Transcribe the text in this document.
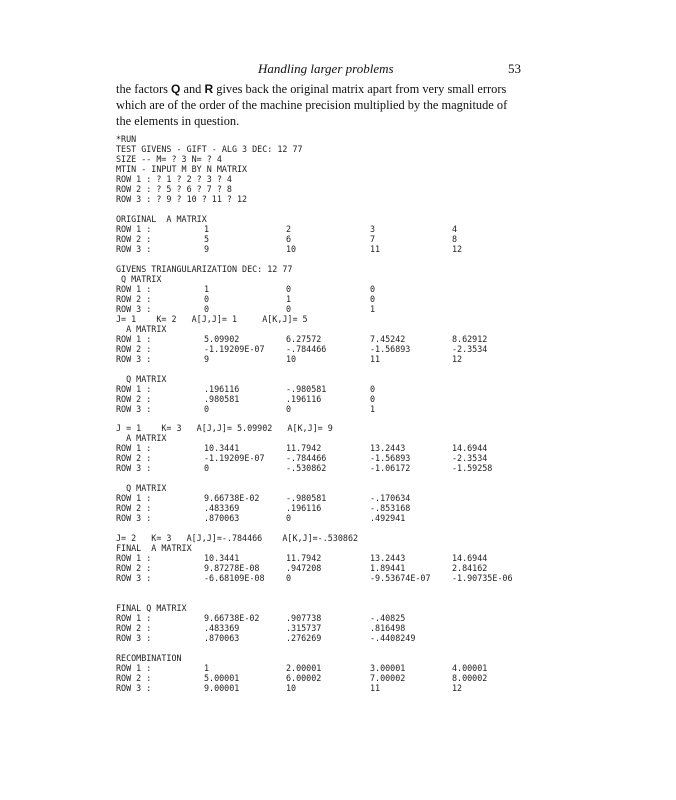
Handling larger problems	53
the factors Q and R gives back the original matrix apart from very small errors
which are of the order of the machine precision multiplied by the magnitude of
the elements in question.
*RUN
TEST GIVENS - GIFT - ALG 3 DEC: 12 77
SIZE -- M= ? 3 N= ? 4
MTIN - INPUT M BY N MATRIX
ROW 1 : ? 1 ? 2 ? 3 ? 4
ROW 2 : ? 5 ? 6 ? 7 ? 8
ROW 3 : ? 9 ? 10 ? 11 ? 12
ORIGINAL  A MATRIX
ROW 1 :	1	2	3	4
ROW 2 :	5	6	7	8
ROW 3 :	9	10	11	12
GIVENS TRIANGULARIZATION DEC: 12 77
Q MATRIX
ROW 1 :	1	0	0
ROW 2 :	0	1	0
ROW 3 :	0	0	1
J= 1    K= 2   A[J,J]= 1     A[K,J]= 5
A MATRIX
ROW 1 :	5.09902	6.27572	7.45242	8.62912
ROW 2 :	-1.19209E-07	-.784466	-1.56893	-2.3534
ROW 3 :	9	10	11	12
Q MATRIX
ROW 1 :	.196116	-.980581	0
ROW 2 :	.980581	.196116	0
ROW 3 :	0	0	1
J = 1    K= 3   A[J,J]= 5.09902   A[K,J]= 9
A MATRIX
ROW 1 :	10.3441	11.7942	13.2443	14.6944
ROW 2 :	-1.19209E-07	-.784466	-1.56893	-2.3534
ROW 3 :	0	-.530862	-1.06172	-1.59258
Q MATRIX
ROW 1 :	9.66738E-02	-.980581	-.170634
ROW 2 :	.483369	.196116	-.853168
ROW 3 :	.870063	0	.492941
J= 2   K= 3   A[J,J]=-.784466    A[K,J]=-.530862
FINAL  A MATRIX
ROW 1 :	10.3441	11.7942	13.2443	14.6944
ROW 2 :	9.87278E-08	.947208	1.89441	2.84162
ROW 3 :	-6.68109E-08	0	-9.53674E-07	-1.90735E-06
FINAL Q MATRIX
ROW 1 :	9.66738E-02	.907738	-.40825
ROW 2 :	.483369	.315737	.816498
ROW 3 :	.870063	.276269	-.4408249
RECOMBINATION
ROW 1 :	1	2.00001	3.00001	4.00001
ROW 2 :	5.00001	6.00002	7.00002	8.00002
ROW 3 :	9.00001	10	11	12
